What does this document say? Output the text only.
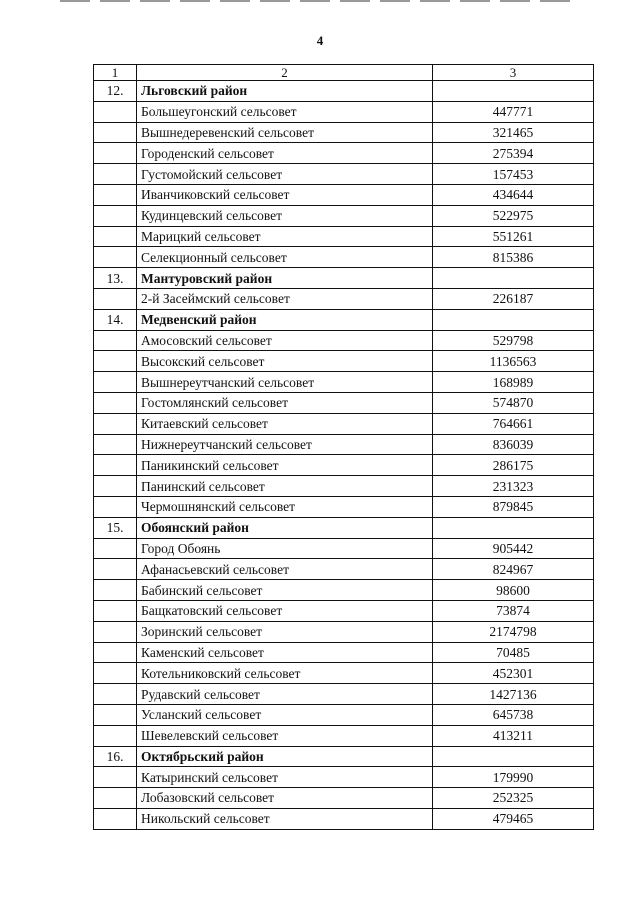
4
1	2	3
12.	Льговский район	
	Большеугонский сельсовет	447771
	Вышнедеревенский сельсовет	321465
	Городенский сельсовет	275394
	Густомойский сельсовет	157453
	Иванчиковский сельсовет	434644
	Кудинцевский сельсовет	522975
	Марицкий сельсовет	551261
	Селекционный сельсовет	815386
13.	Мантуровский район	
	2-й Засеймский сельсовет	226187
14.	Медвенский район	
	Амосовский сельсовет	529798
	Высокский сельсовет	1136563
	Вышнереутчанский сельсовет	168989
	Гостомлянский сельсовет	574870
	Китаевский сельсовет	764661
	Нижнереутчанский сельсовет	836039
	Паникинский сельсовет	286175
	Панинский сельсовет	231323
	Чермошнянский сельсовет	879845
15.	Обоянский район	
	Город Обоянь	905442
	Афанасьевский сельсовет	824967
	Бабинский сельсовет	98600
	Бащкатовский сельсовет	73874
	Зоринский сельсовет	2174798
	Каменский сельсовет	70485
	Котельниковский сельсовет	452301
	Рудавский сельсовет	1427136
	Усланский сельсовет	645738
	Шевелевский сельсовет	413211
16.	Октябрьский район	
	Катыринский сельсовет	179990
	Лобазовский сельсовет	252325
	Никольский сельсовет	479465
